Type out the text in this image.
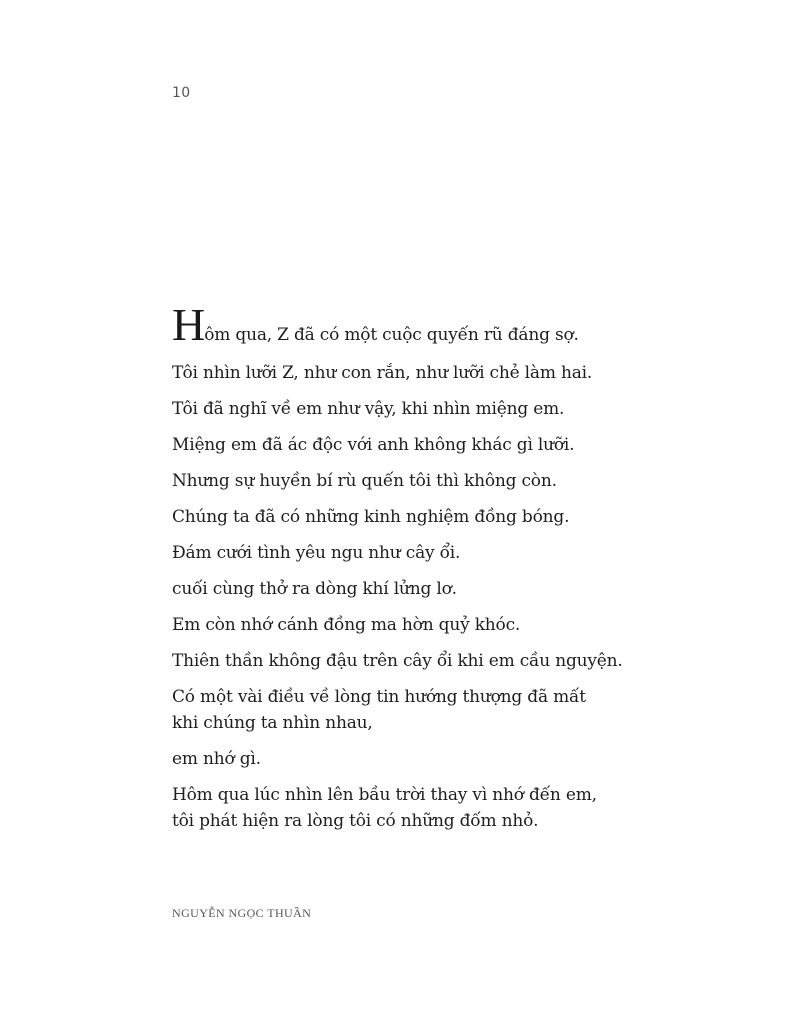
10

Hôm qua, Z đã có một cuộc quyến rũ đáng sợ.

Tôi nhìn lưỡi Z, như con rắn, như lưỡi chẻ làm hai.

Tôi đã nghĩ về em như vậy, khi nhìn miệng em.

Miệng em đã ác độc với anh không khác gì lưỡi.

Nhưng sự huyền bí rù quến tôi thì không còn.

Chúng ta đã có những kinh nghiệm đồng bóng.

Đám cưới tình yêu ngu như cây ổi.

cuối cùng thở ra dòng khí lửng lơ.

Em còn nhớ cánh đồng ma hờn quỷ khóc.

Thiên thần không đậu trên cây ổi khi em cầu nguyện.

Có một vài điều về lòng tin hướng thượng đã mất
khi chúng ta nhìn nhau,

em nhớ gì.

Hôm qua lúc nhìn lên bầu trời thay vì nhớ đến em,
tôi phát hiện ra lòng tôi có những đốm nhỏ.

NGUYỄN NGỌC THUẦN
